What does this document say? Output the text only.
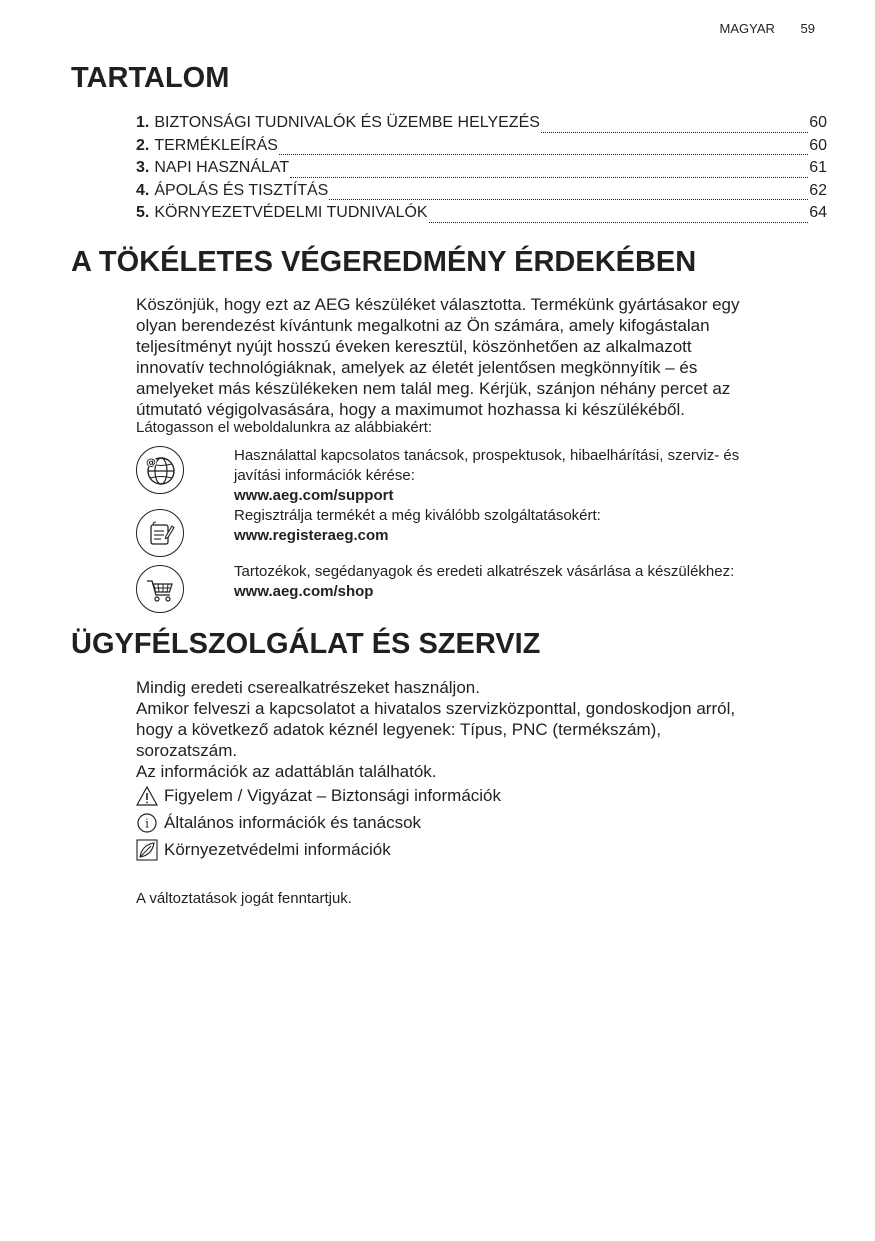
MAGYAR 59
TARTALOM
1. BIZTONSÁGI TUDNIVALÓK ÉS ÜZEMBE HELYEZÉS	60
2. TERMÉKLEÍRÁS	60
3. NAPI HASZNÁLAT	61
4. ÁPOLÁS ÉS TISZTÍTÁS	62
5. KÖRNYEZETVÉDELMI TUDNIVALÓK	64
A TÖKÉLETES VÉGEREDMÉNY ÉRDEKÉBEN

Köszönjük, hogy ezt az AEG készüléket választotta. Termékünk gyártásakor egy

olyan berendezést kívántunk megalkotni az Ön számára, amely kifogástalan

teljesítményt nyújt hosszú éveken keresztül, köszönhetően az alkalmazott

innovatív technológiáknak, amelyek az életét jelentősen megkönnyítik – és

amelyeket más készülékeken nem talál meg. Kérjük, szánjon néhány percet az

útmutató végigolvasására, hogy a maximumot hozhassa ki készülékéből.

Látogasson el weboldalunkra az alábbiakért:
@	Használattal kapcsolatos tanácsok, prospektusok, hibaelhárítási, szerviz- és
javítási információk kérése:
www.aeg.com/support
Regisztrálja termékét a még kiválóbb szolgáltatásokért:
www.registeraeg.com
Tartozékok, segédanyagok és eredeti alkatrészek vásárlása a készülékhez:
www.aeg.com/shop
ÜGYFÉLSZOLGÁLAT ÉS SZERVIZ

Mindig eredeti cserealkatrészeket használjon.

Amikor felveszi a kapcsolatot a hivatalos szervizközponttal, gondoskodjon arról,

hogy a következő adatok kéznél legyenek: Típus, PNC (termékszám),

sorozatszám.

Az információk az adattáblán találhatók.

Figyelem / Vigyázat – Biztonsági információk
i Általános információk és tanácsok
Környezetvédelmi információk
A változtatások jogát fenntartjuk.
